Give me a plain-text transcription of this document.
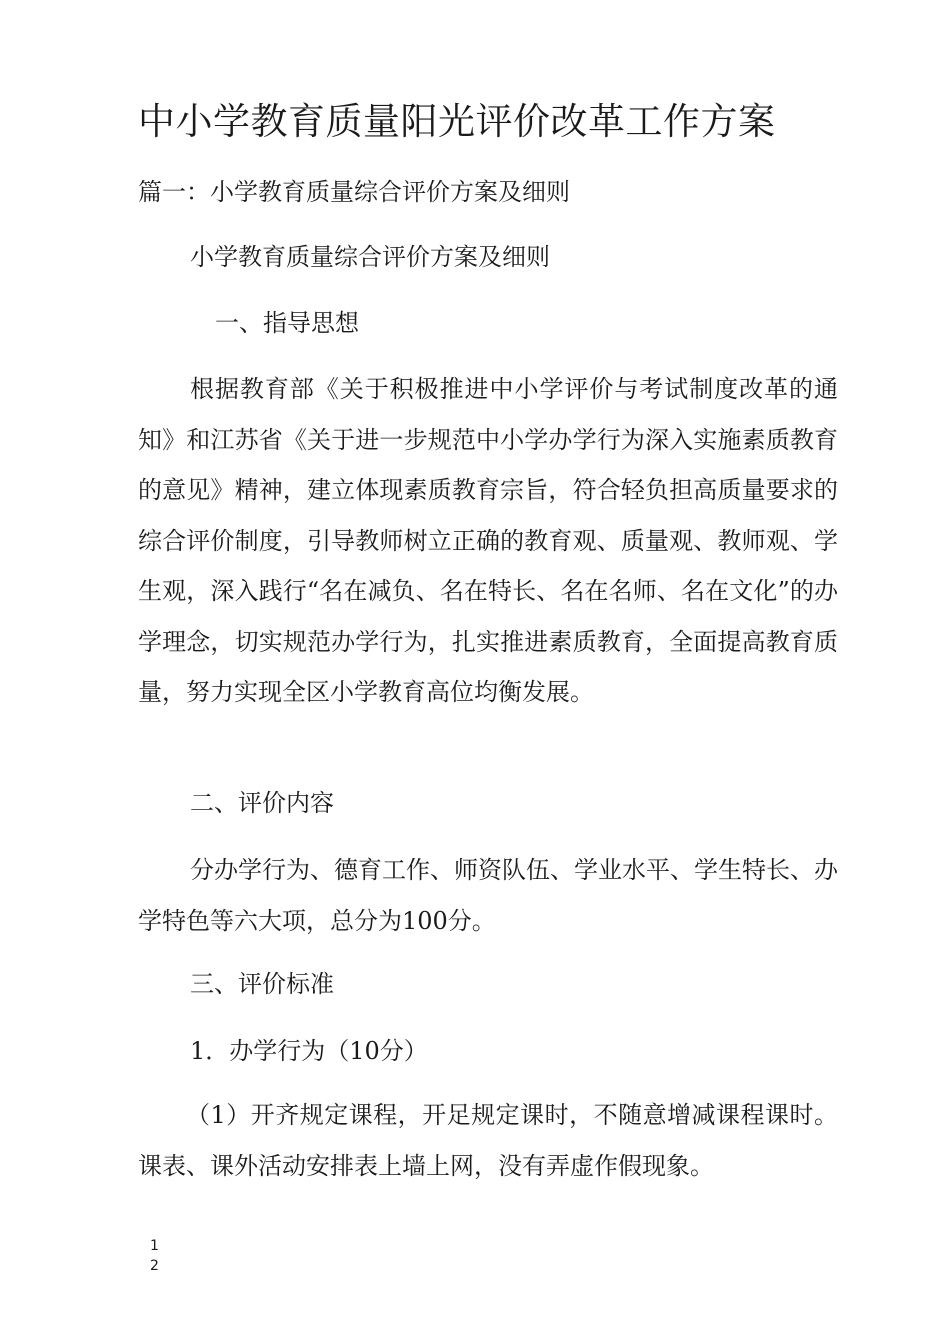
中小学教育质量阳光评价改革工作方案
篇一：小学教育质量综合评价方案及细则
小学教育质量综合评价方案及细则
一、指导思想

根据教育部《关于积极推进中小学评价与考试制度改革的通知》和江苏省《关于进一步规范中小学办学行为深入实施素质教育的意见》精神，建立体现素质教育宗旨，符合轻负担高质量要求的综合评价制度，引导教师树立正确的教育观、质量观、教师观、学生观，深入践行“名在减负、名在特长、名在名师、名在文化”的办学理念，切实规范办学行为，扎实推进素质教育，全面提高教育质量，努力实现全区小学教育高位均衡发展。

二、评价内容

分办学行为、德育工作、师资队伍、学业水平、学生特长、办学特色等六大项，总分为100分。

三、评价标准
1．办学行为（10分）

（1）开齐规定课程，开足规定课时，不随意增减课程课时。课表、课外活动安排表上墙上网，没有弄虚作假现象。

1
2
